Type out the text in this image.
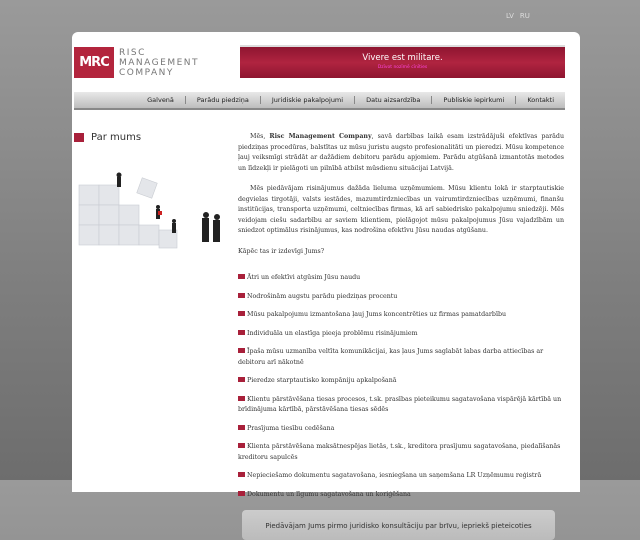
LV RU
MRC
RISC
MANAGEMENT
COMPANY
Vivere est militare.
Dzīvot nozīmē cīnīties
Galvenā	Parādu piedziņa	Juridiskie pakalpojumi	Datu aizsardzība	Publiskie iepirkumi	Kontakti
Par mums	Mēs, Risc Management Company, savā darbības laikā esam izstrādājuši efektīvas parādu piedziņas procedūras, balstītas uz mūsu juristu augsto profesionalitāti un pieredzi. Mūsu kompetence ļauj veiksmīgi strādāt ar dažādiem debitoru parādu apjomiem. Parādu atgūšanā izmantotās metodes un līdzekļi ir pielāgoti un pilnībā atbilst mūsdienu situācijai Latvijā.

Mēs piedāvājam risinājumus dažāda lieluma uzņēmumiem. Mūsu klientu lokā ir starptautiskie degvielas tirgotāji, valsts iestādes, mazumtirdzniecības un vairumtirdzniecības uzņēmumi, finanšu institūcijas, transporta uzņēmumi, celtniecības firmas, kā arī sabiedrisko pakalpojumu sniedzēji. Mēs veidojam ciešu sadarbību ar saviem klientiem, pielāgojot mūsu pakalpojumus Jūsu vajadzībām un sniedzot optimālus risinājumus, kas nodrošina efektīvu Jūsu naudas atgūšanu.

Kāpēc tas ir izdevīgi Jums?
Ātri un efektīvi atgūsim Jūsu naudu
Nodrošinām augstu parādu piedziņas procentu
Mūsu pakalpojumu izmantošana ļauj Jums koncentrēties uz firmas pamatdarbību
Individuāla un elastīga pieeja problēmu risinājumiem
Īpaša mūsu uzmanība veltīta komunikācijai, kas ļaus Jums saglabāt labas darba attiecības ar debitoru arī nākotnē
Pieredze starptautisko kompāniju apkalpošanā
Klientu pārstāvēšana tiesas procesos, t.sk. prasības pieteikumu sagatavošana vispārējā kārtībā un brīdinājuma kārtībā, pārstāvēšana tiesas sēdēs
Prasījuma tiesību cedēšana
Klienta pārstāvēšana maksātnespējas lietās, t.sk., kreditora prasījumu sagatavošana, piedalīšanās kreditoru sapulcēs
Nepieciešamo dokumentu sagatavošana, iesniegšana un saņemšana LR Uzņēmumu reģistrā
Dokumentu un līgumu sagatavošana un koriģēšana
Piedāvājam Jums pirmo juridisko konsultāciju par brīvu, iepriekš pieteicoties
